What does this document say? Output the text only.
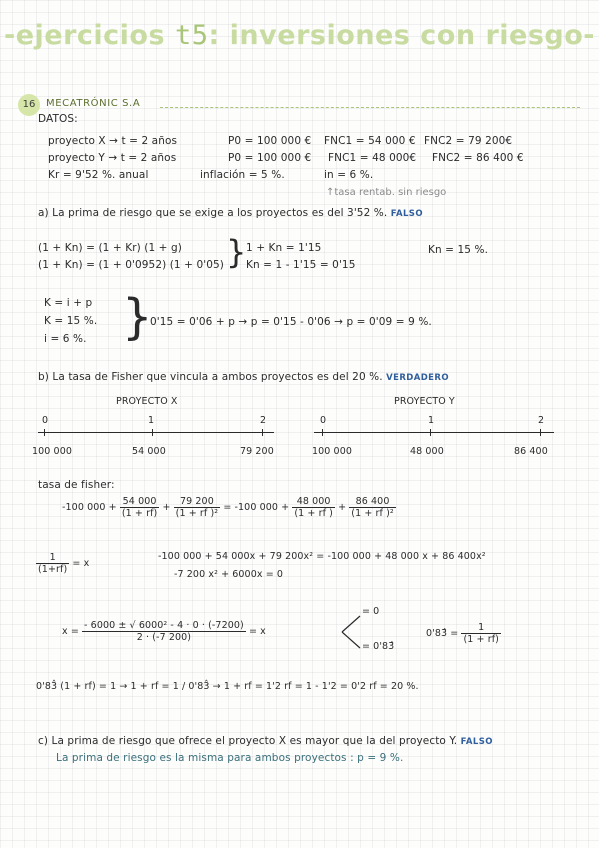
-ejercicios t5: inversiones con riesgo-
16	MECATRÓNIC S.A
DATOS:
proyecto X → t = 2 años	P0 = 100 000 € FNC1 = 54 000 € FNC2 = 79 200€
proyecto Y → t = 2 años	P0 = 100 000 € FNC1 = 48 000€ FNC2 = 86 400 €
Kr = 9'52 %. anual	inflación = 5 %.	in = 6 %.
↑tasa rentab. sin riesgo
a) La prima de riesgo que se exige a los proyectos es del 3'52 %. FALSO
(1 + Kn) = (1 + Kr) (1 + g)
(1 + Kn) = (1 + 0'0952) (1 + 0'05) } 1 + Kn = 1'15
Kn = 1 - 1'15 = 0'15
Kn = 15 %.
K = i + p
K = 15 %.
i = 6 %. }
0'15 = 0'06 + p → p = 0'15 - 0'06 → p = 0'09 = 9 %.
b) La tasa de Fisher que vincula a ambos proyectos es del 20 %. VERDADERO
PROYECTO X
0	1	2
100 000	54 000	79 200
PROYECTO Y
0	1	2
100 000	48 000	86 400
tasa de fisher:
-100 $000 + \frac{54 000}{(1 + rf)} + \frac{79 200}{\text{(1 + rf )²}} = -100$ $000 + \frac{48 000}{(1 + rf )} + \frac{86 400}{\text{(1 + rf )²}}$
$\frac{1}{(1+rf)} = x$
-100 000 + 54 000x + 79 200x² = -100 000 + 48 000 x + 86 400x²
-7 200 x² + 6000x = 0
$x = \frac{\text{- 6000 ± √ 6000² - 4 · 0 · (-7200)}}{2 \cdot (-7 200)} = x$
= 0
= 0'83̂
0'83̂ = $\frac{1}{(1 + rf)}$
0'83̂ (1 + rf) = 1 → 1 + rf = 1 / 0'83̂ → 1 + rf = 1'2 rf = 1 - 1'2 = 0'2 rf = 20 %.
c) La prima de riesgo que ofrece el proyecto X es mayor que la del proyecto Y. FALSO
La prima de riesgo es la misma para ambos proyectos : p = 9 %.
